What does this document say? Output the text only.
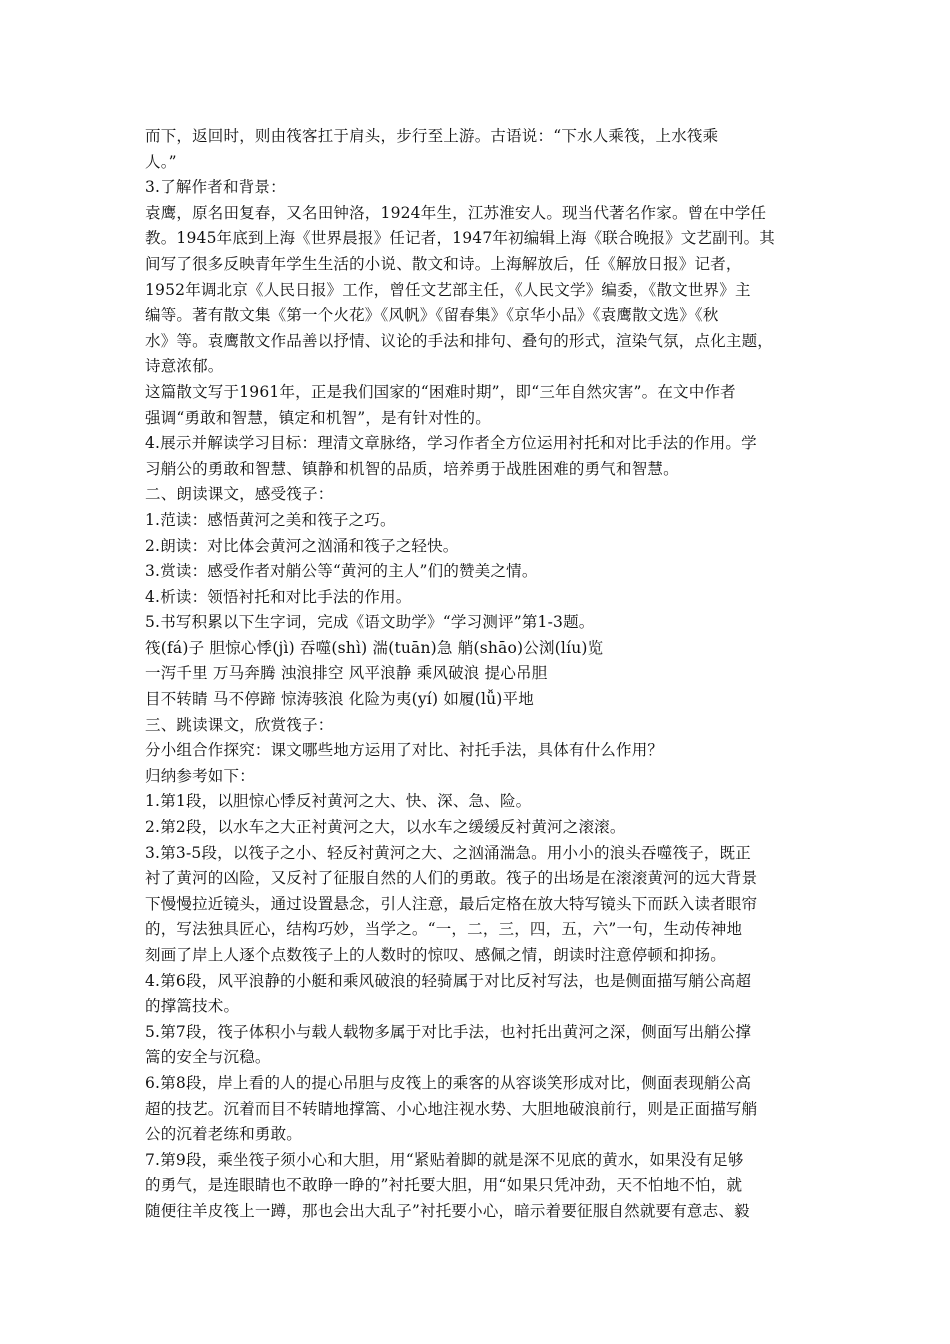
而下，返回时，则由筏客扛于肩头，步行至上游。古语说：“下水人乘筏，上水筏乘

人。”

3.了解作者和背景：

袁鹰，原名田复春，又名田钟洛，1924年生，江苏淮安人。现当代著名作家。曾在中学任

教。1945年底到上海《世界晨报》任记者，1947年初编辑上海《联合晚报》文艺副刊。其

间写了很多反映青年学生生活的小说、散文和诗。上海解放后，任《解放日报》记者，

1952年调北京《人民日报》工作，曾任文艺部主任，《人民文学》编委，《散文世界》主

编等。著有散文集《第一个火花》《风帆》《留春集》《京华小品》《袁鹰散文选》《秋

水》等。袁鹰散文作品善以抒情、议论的手法和排句、叠句的形式，渲染气氛，点化主题，

诗意浓郁。

这篇散文写于1961年，正是我们国家的“困难时期”，即“三年自然灾害”。在文中作者

强调“勇敢和智慧，镇定和机智”，是有针对性的。

4.展示并解读学习目标：理清文章脉络，学习作者全方位运用衬托和对比手法的作用。学

习艄公的勇敢和智慧、镇静和机智的品质，培养勇于战胜困难的勇气和智慧。

二、朗读课文，感受筏子：

1.范读：感悟黄河之美和筏子之巧。

2.朗读：对比体会黄河之汹涌和筏子之轻快。

3.赏读：感受作者对艄公等“黄河的主人”们的赞美之情。

4.析读：领悟衬托和对比手法的作用。

5.书写积累以下生字词，完成《语文助学》“学习测评”第1-3题。

筏(fá)子 胆惊心悸(jì) 吞噬(shì) 湍(tuān)急 艄(shāo)公浏(líu)览

一泻千里 万马奔腾 浊浪排空 风平浪静 乘风破浪 提心吊胆

目不转睛 马不停蹄 惊涛骇浪 化险为夷(yí) 如履(lǚ)平地

三、跳读课文，欣赏筏子：

分小组合作探究：课文哪些地方运用了对比、衬托手法，具体有什么作用？

归纳参考如下：

1.第1段，以胆惊心悸反衬黄河之大、快、深、急、险。

2.第2段，以水车之大正衬黄河之大，以水车之缓缓反衬黄河之滚滚。

3.第3-5段，以筏子之小、轻反衬黄河之大、之汹涌湍急。用小小的浪头吞噬筏子，既正

衬了黄河的凶险，又反衬了征服自然的人们的勇敢。筏子的出场是在滚滚黄河的远大背景

下慢慢拉近镜头，通过设置悬念，引人注意，最后定格在放大特写镜头下而跃入读者眼帘

的，写法独具匠心，结构巧妙，当学之。“一，二，三，四，五，六”一句，生动传神地

刻画了岸上人逐个点数筏子上的人数时的惊叹、感佩之情，朗读时注意停顿和抑扬。

4.第6段，风平浪静的小艇和乘风破浪的轻骑属于对比反衬写法，也是侧面描写艄公高超

的撑篙技术。

5.第7段，筏子体积小与载人载物多属于对比手法，也衬托出黄河之深，侧面写出艄公撑

篙的安全与沉稳。

6.第8段，岸上看的人的提心吊胆与皮筏上的乘客的从容谈笑形成对比，侧面表现艄公高

超的技艺。沉着而目不转睛地撑篙、小心地注视水势、大胆地破浪前行，则是正面描写艄

公的沉着老练和勇敢。

7.第9段，乘坐筏子须小心和大胆，用“紧贴着脚的就是深不见底的黄水，如果没有足够

的勇气，是连眼睛也不敢睁一睁的”衬托要大胆，用“如果只凭冲劲，天不怕地不怕，就

随便往羊皮筏上一蹲，那也会出大乱子”衬托要小心，暗示着要征服自然就要有意志、毅
